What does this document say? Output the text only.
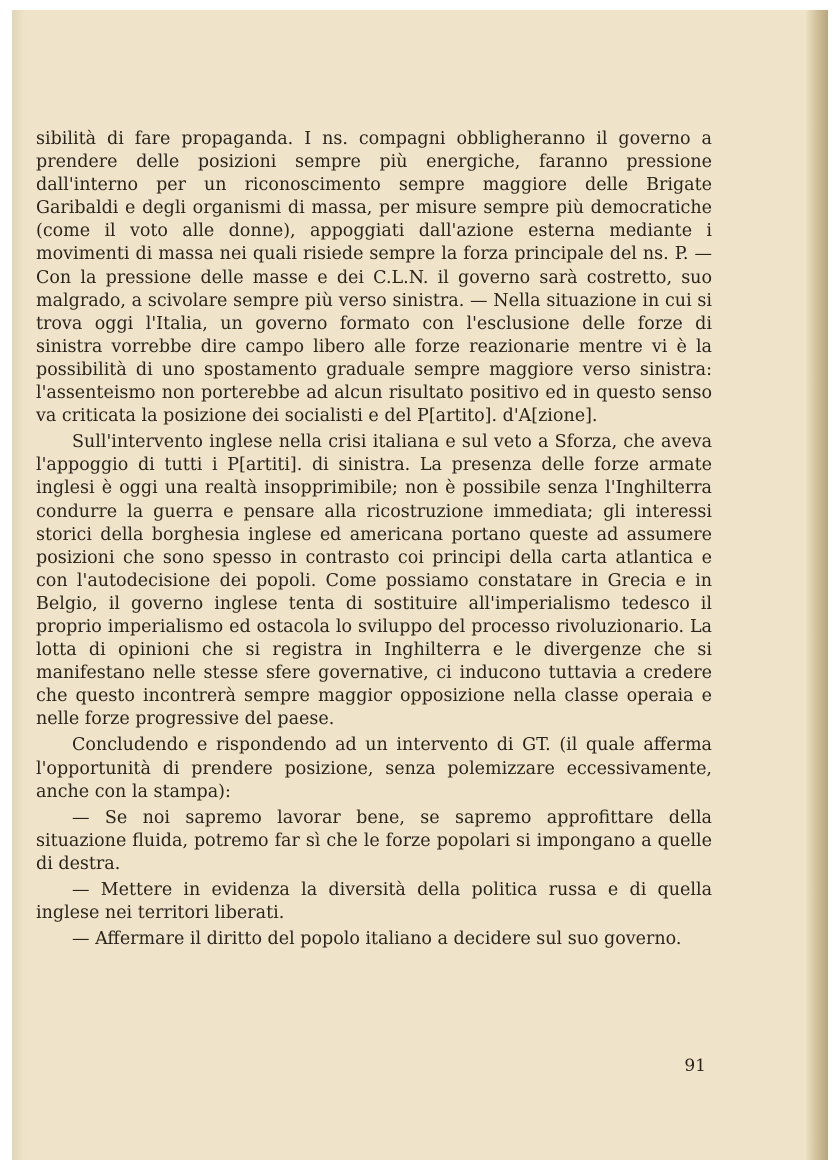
sibilità di fare propaganda. I ns. compagni obbligheranno il governo a prendere delle posizioni sempre più energiche, faranno pressione dall'interno per un riconoscimento sempre maggiore delle Brigate Garibaldi e degli organismi di massa, per misure sempre più democratiche (come il voto alle donne), appoggiati dall'azione esterna mediante i movimenti di massa nei quali risiede sempre la forza principale del ns. P. — Con la pressione delle masse e dei C.L.N. il governo sarà costretto, suo malgrado, a scivolare sempre più verso sinistra. — Nella situazione in cui si trova oggi l'Italia, un governo formato con l'esclusione delle forze di sinistra vorrebbe dire campo libero alle forze reazionarie mentre vi è la possibilità di uno spostamento graduale sempre maggiore verso sinistra: l'assenteismo non porterebbe ad alcun risultato positivo ed in questo senso va criticata la posizione dei socialisti e del P[artito]. d'A[zione].

Sull'intervento inglese nella crisi italiana e sul veto a Sforza, che aveva l'appoggio di tutti i P[artiti]. di sinistra. La presenza delle forze armate inglesi è oggi una realtà insopprimibile; non è possibile senza l'Inghilterra condurre la guerra e pensare alla ricostruzione immediata; gli interessi storici della borghesia inglese ed americana portano queste ad assumere posizioni che sono spesso in contrasto coi principi della carta atlantica e con l'autodecisione dei popoli. Come possiamo constatare in Grecia e in Belgio, il governo inglese tenta di sostituire all'imperialismo tedesco il proprio imperialismo ed ostacola lo sviluppo del processo rivoluzionario. La lotta di opinioni che si registra in Inghilterra e le divergenze che si manifestano nelle stesse sfere governative, ci inducono tuttavia a credere che questo incontrerà sempre maggior opposizione nella classe operaia e nelle forze progressive del paese.

Concludendo e rispondendo ad un intervento di GT. (il quale afferma l'opportunità di prendere posizione, senza polemizzare eccessivamente, anche con la stampa):

— Se noi sapremo lavorar bene, se sapremo approfittare della situazione fluida, potremo far sì che le forze popolari si impongano a quelle di destra.

— Mettere in evidenza la diversità della politica russa e di quella inglese nei territori liberati.

— Affermare il diritto del popolo italiano a decidere sul suo governo.

91
